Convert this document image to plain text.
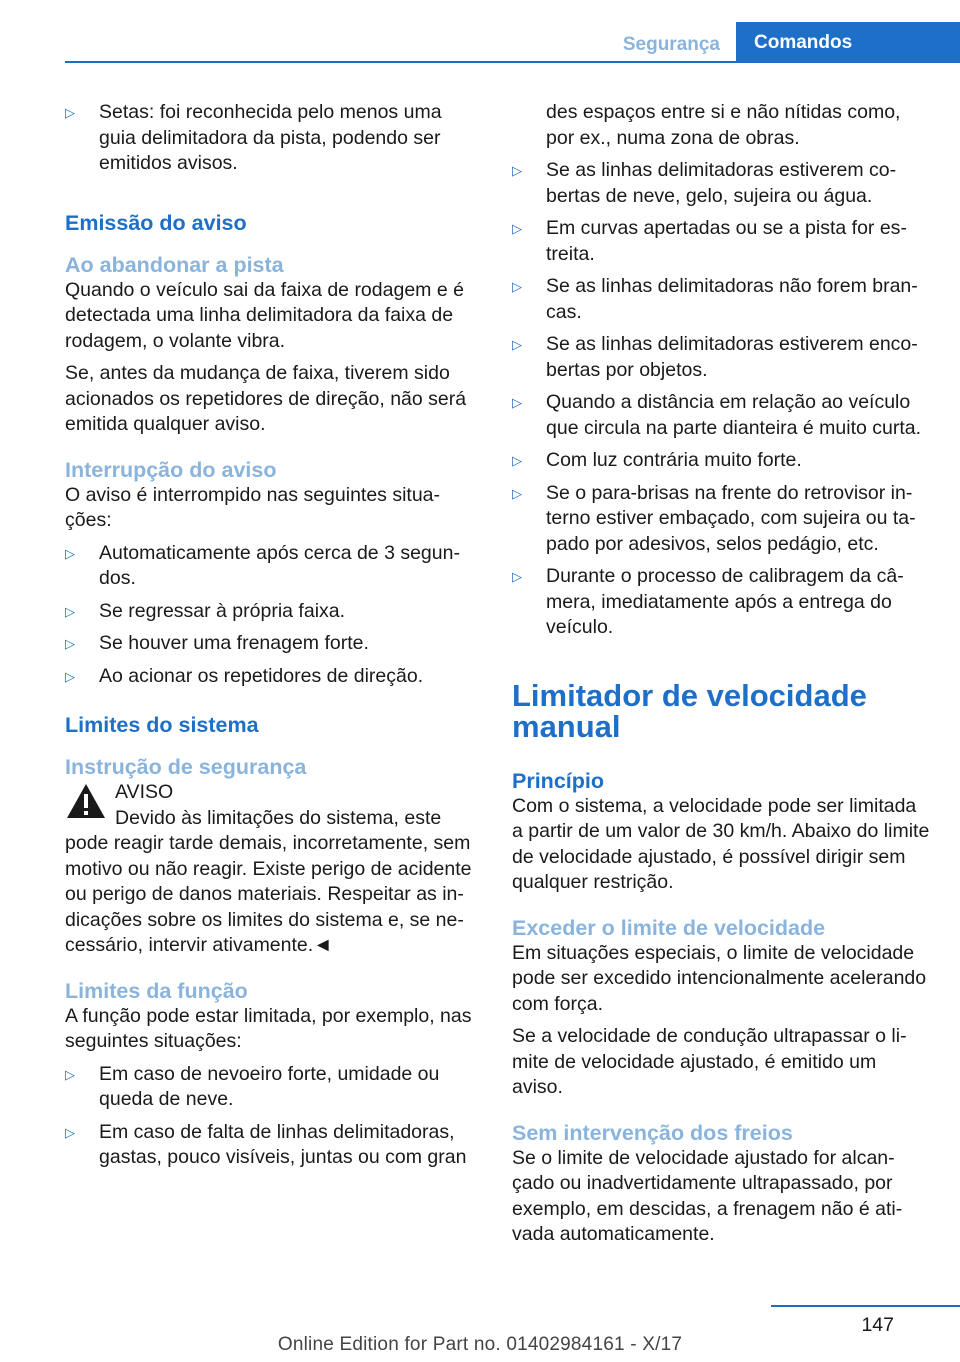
Segurança	Comandos
▷	Setas: foi reconhecida pelo menos uma guia delimitadora da pista, podendo ser emitidos avisos.
Emissão do aviso
Ao abandonar a pista

Quando o veículo sai da faixa de rodagem e é detectada uma linha delimitadora da faixa de rodagem, o volante vibra.

Se, antes da mudança de faixa, tiverem sido acionados os repetidores de direção, não será emitida qualquer aviso.

Interrupção do aviso

O aviso é interrompido nas seguintes situações:

▷	Automaticamente após cerca de 3 segundos.
▷	Se regressar à própria faixa.
▷	Se houver uma frenagem forte.
▷	Ao acionar os repetidores de direção.
Limites do sistema
Instrução de segurança

AVISO

Devido às limitações do sistema, este
pode reagir tarde demais, incorretamente, sem motivo ou não reagir. Existe perigo de acidente ou perigo de danos materiais. Respeitar as indicações sobre os limites do sistema e, se necessário, intervir ativamente.◄

Limites da função

A função pode estar limitada, por exemplo, nas seguintes situações:

▷	Em caso de nevoeiro forte, umidade ou queda de neve.
▷	Em caso de falta de linhas delimitadoras, gastas, pouco visíveis, juntas ou com gran

des espaços entre si e não nítidas como, por ex., numa zona de obras.

▷	Se as linhas delimitadoras estiverem cobertas de neve, gelo, sujeira ou água.
▷	Em curvas apertadas ou se a pista for estreita.
▷	Se as linhas delimitadoras não forem brancas.
▷	Se as linhas delimitadoras estiverem encobertas por objetos.
▷	Quando a distância em relação ao veículo que circula na parte dianteira é muito curta.
▷	Com luz contrária muito forte.
▷	Se o para-brisas na frente do retrovisor interno estiver embaçado, com sujeira ou tapado por adesivos, selos pedágio, etc.
▷	Durante o processo de calibragem da câmera, imediatamente após a entrega do veículo.
Limitador de velocidade manual
Princípio

Com o sistema, a velocidade pode ser limitada a partir de um valor de 30 km/h. Abaixo do limite de velocidade ajustado, é possível dirigir sem qualquer restrição.

Exceder o limite de velocidade

Em situações especiais, o limite de velocidade pode ser excedido intencionalmente acelerando com força.

Se a velocidade de condução ultrapassar o limite de velocidade ajustado, é emitido um aviso.

Sem intervenção dos freios

Se o limite de velocidade ajustado for alcançado ou inadvertidamente ultrapassado, por exemplo, em descidas, a frenagem não é ativada automaticamente.

147
Online Edition for Part no. 01402984161 - X/17
